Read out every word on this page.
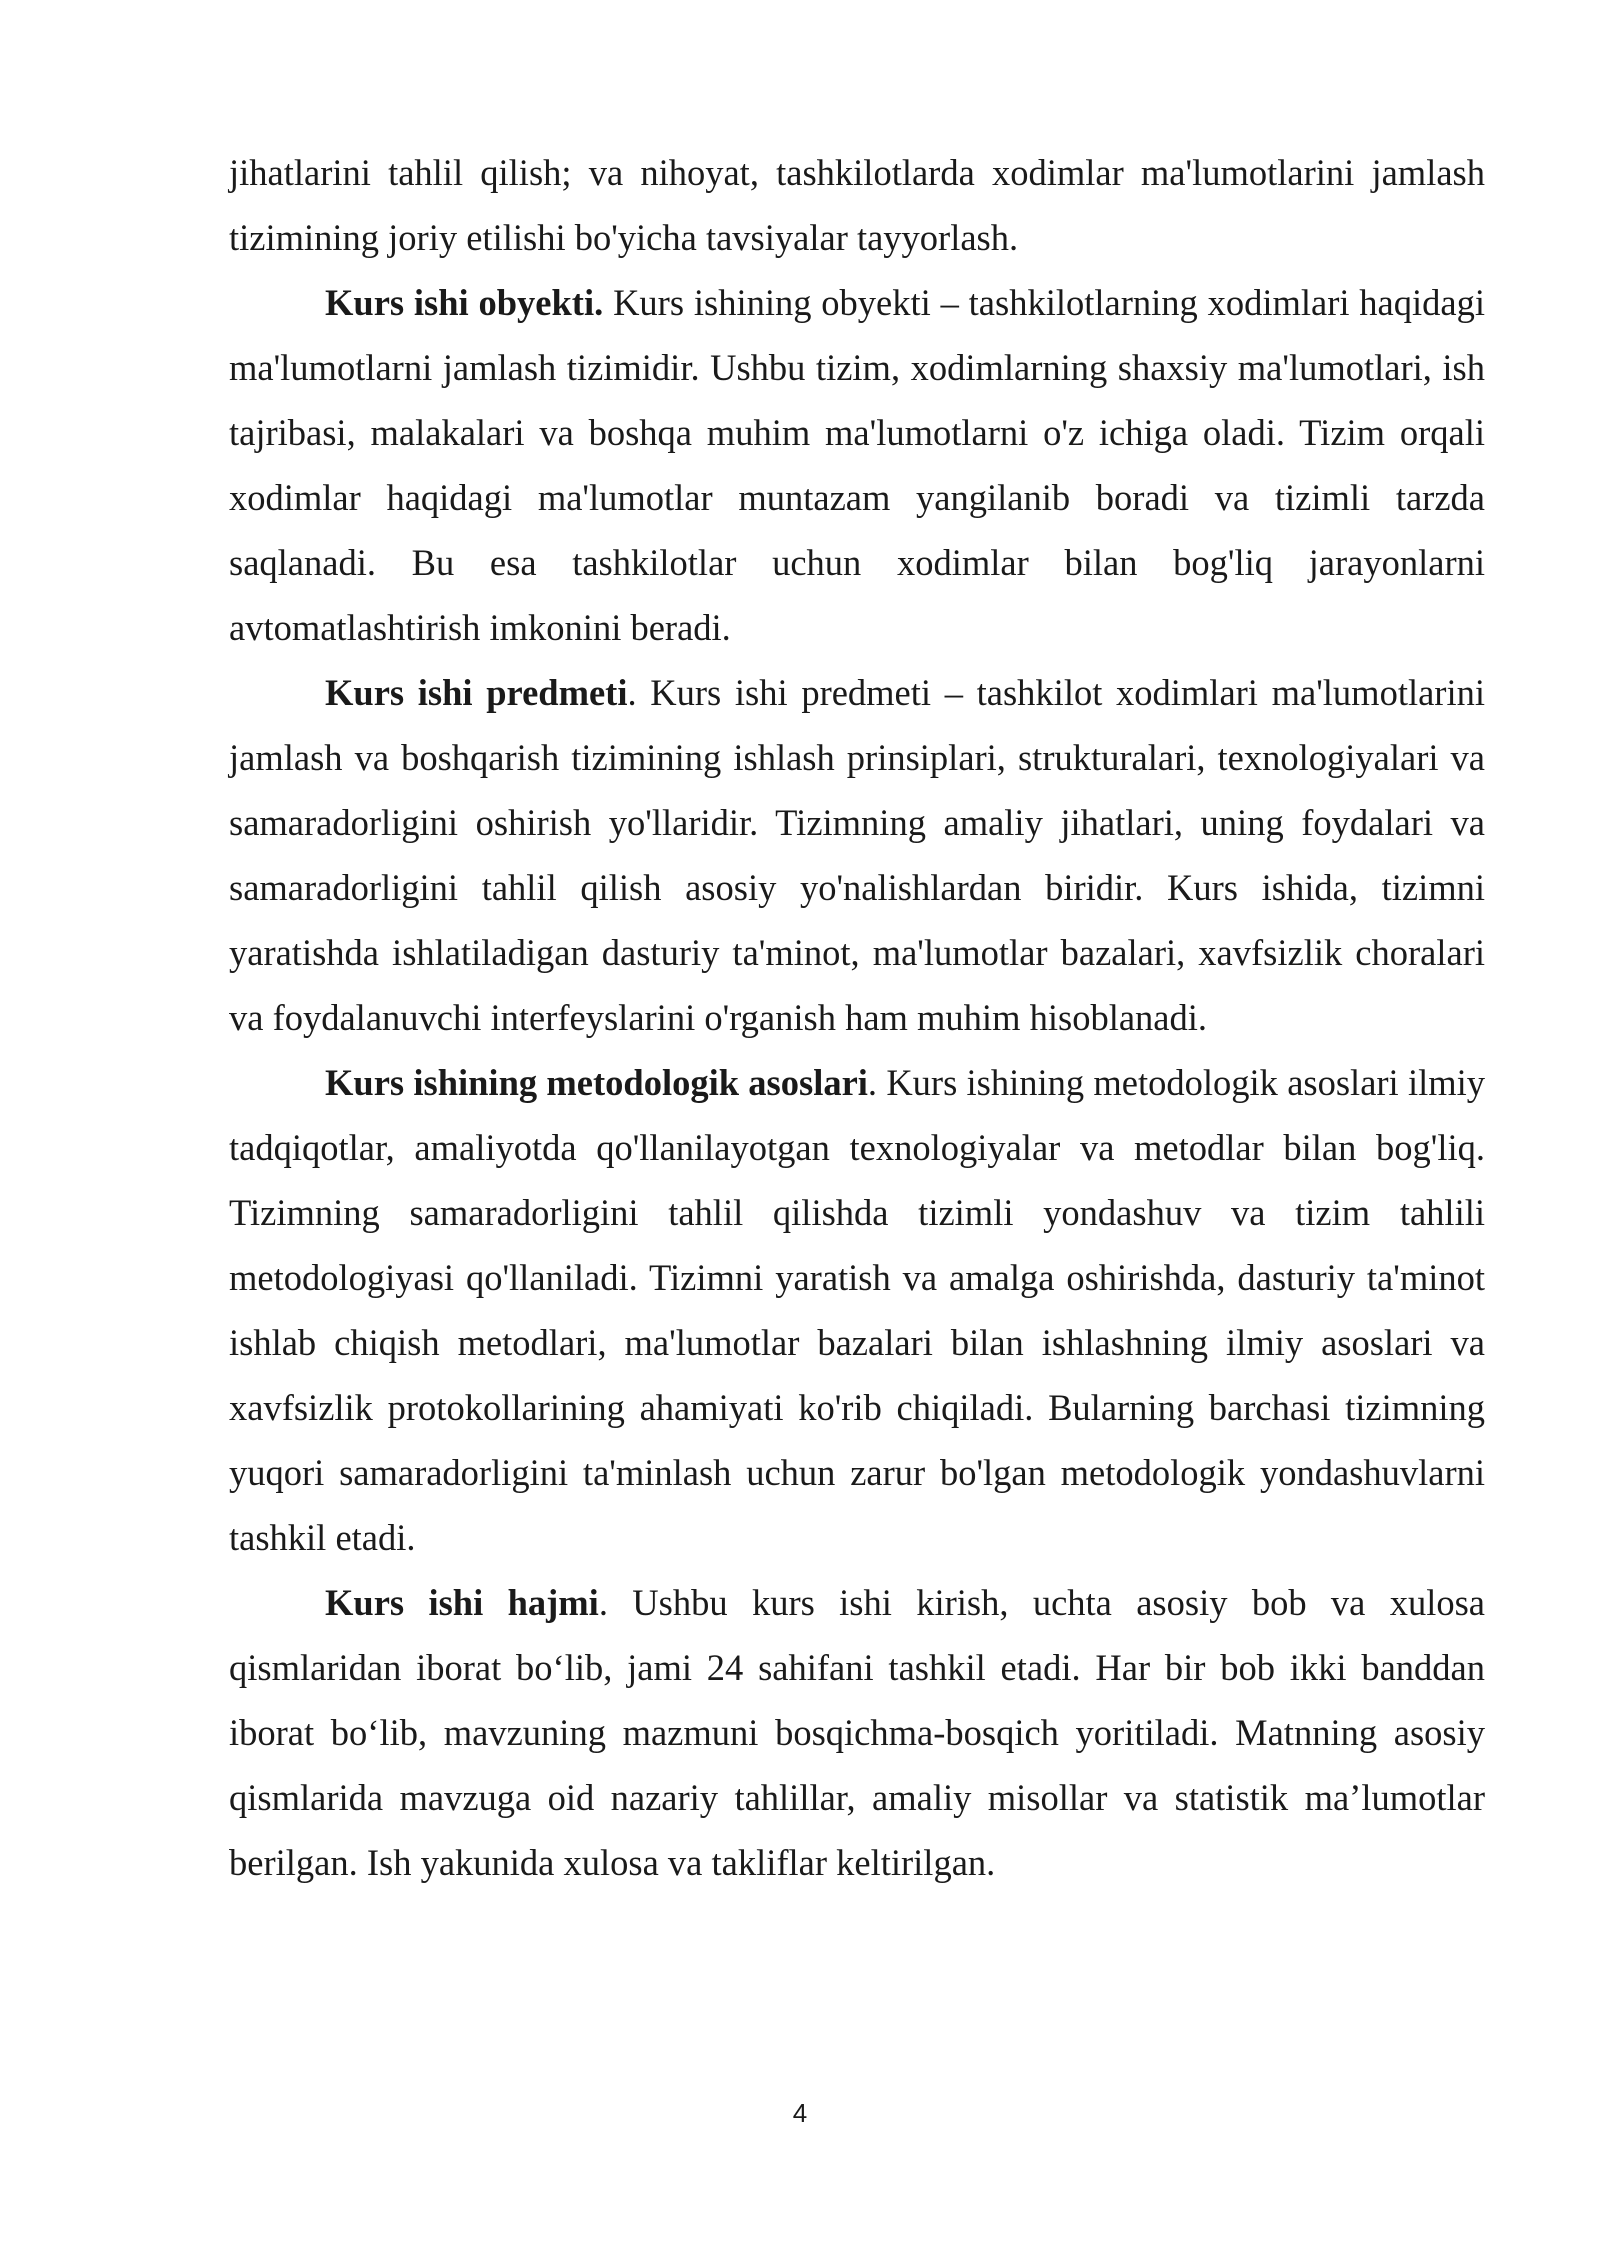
jihatlarini tahlil qilish; va nihoyat, tashkilotlarda xodimlar ma'lumotlarini jamlash tizimining joriy etilishi bo'yicha tavsiyalar tayyorlash.

Kurs ishi obyekti. Kurs ishining obyekti – tashkilotlarning xodimlari haqidagi ma'lumotlarni jamlash tizimidir. Ushbu tizim, xodimlarning shaxsiy ma'lumotlari, ish tajribasi, malakalari va boshqa muhim ma'lumotlarni o'z ichiga oladi. Tizim orqali xodimlar haqidagi ma'lumotlar muntazam yangilanib boradi va tizimli tarzda saqlanadi. Bu esa tashkilotlar uchun xodimlar bilan bog'liq jarayonlarni avtomatlashtirish imkonini beradi.

Kurs ishi predmeti. Kurs ishi predmeti – tashkilot xodimlari ma'lumotlarini jamlash va boshqarish tizimining ishlash prinsiplari, strukturalari, texnologiyalari va samaradorligini oshirish yo'llaridir. Tizimning amaliy jihatlari, uning foydalari va samaradorligini tahlil qilish asosiy yo'nalishlardan biridir. Kurs ishida, tizimni yaratishda ishlatiladigan dasturiy ta'minot, ma'lumotlar bazalari, xavfsizlik choralari va foydalanuvchi interfeyslarini o'rganish ham muhim hisoblanadi.

Kurs ishining metodologik asoslari. Kurs ishining metodologik asoslari ilmiy tadqiqotlar, amaliyotda qo'llanilayotgan texnologiyalar va metodlar bilan bog'liq. Tizimning samaradorligini tahlil qilishda tizimli yondashuv va tizim tahlili metodologiyasi qo'llaniladi. Tizimni yaratish va amalga oshirishda, dasturiy ta'minot ishlab chiqish metodlari, ma'lumotlar bazalari bilan ishlashning ilmiy asoslari va xavfsizlik protokollarining ahamiyati ko'rib chiqiladi. Bularning barchasi tizimning yuqori samaradorligini ta'minlash uchun zarur bo'lgan metodologik yondashuvlarni tashkil etadi.

Kurs ishi hajmi. Ushbu kurs ishi kirish, uchta asosiy bob va xulosa qismlaridan iborat bo‘lib, jami 24 sahifani tashkil etadi. Har bir bob ikki banddan iborat bo‘lib, mavzuning mazmuni bosqichma-bosqich yoritiladi. Matnning asosiy qismlarida mavzuga oid nazariy tahlillar, amaliy misollar va statistik ma’lumotlar berilgan. Ish yakunida xulosa va takliflar keltirilgan.

4
